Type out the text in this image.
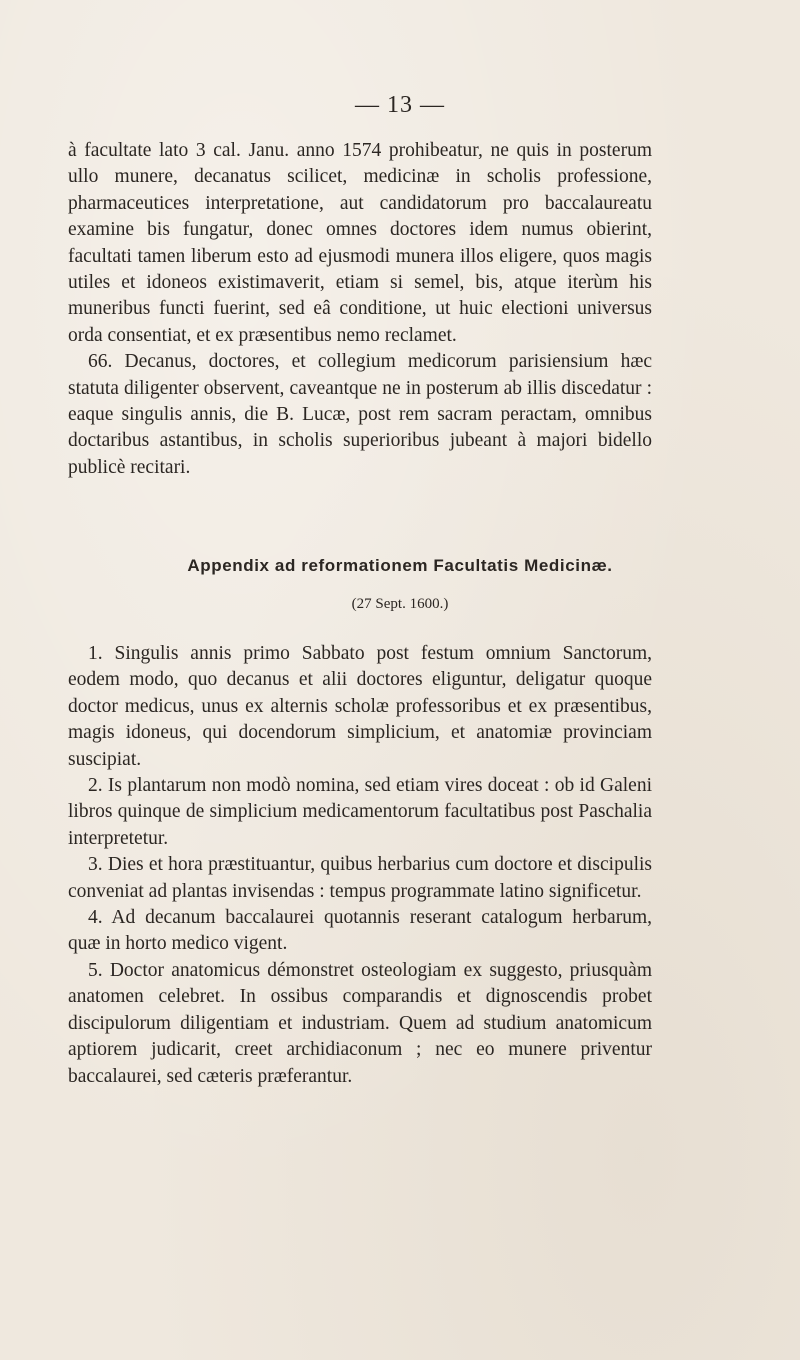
— 13 —

à facultate lato 3 cal. Janu. anno 1574 prohibeatur, ne quis in posterum ullo munere, decanatus scilicet, medicinæ in scholis professione, pharmaceutices interpretatione, aut candidatorum pro baccalaureatu examine bis fungatur, donec omnes doctores idem numus obierint, facultati tamen liberum esto ad ejusmodi munera illos eligere, quos magis utiles et idoneos existimaverit, etiam si semel, bis, atque iterùm his muneribus functi fuerint, sed eâ conditione, ut huic electioni universus orda consentiat, et ex præsentibus nemo reclamet.

66. Decanus, doctores, et collegium medicorum parisiensium hæc statuta diligenter observent, caveantque ne in posterum ab illis discedatur : eaque singulis annis, die B. Lucæ, post rem sacram peractam, omnibus doctaribus astantibus, in scholis superioribus jubeant à majori bidello publicè recitari.

Appendix ad reformationem Facultatis Medicinæ.
(27 Sept. 1600.)

1. Singulis annis primo Sabbato post festum omnium Sanctorum, eodem modo, quo decanus et alii doctores eliguntur, deligatur quoque doctor medicus, unus ex alternis scholæ professoribus et ex præsentibus, magis idoneus, qui docendorum simplicium, et anatomiæ provinciam suscipiat.

2. Is plantarum non modò nomina, sed etiam vires doceat : ob id Galeni libros quinque de simplicium medicamentorum facultatibus post Paschalia interpretetur.

3. Dies et hora præstituantur, quibus herbarius cum doctore et discipulis conveniat ad plantas invisendas : tempus programmate latino significetur.

4. Ad decanum baccalaurei quotannis reserant catalogum herbarum, quæ in horto medico vigent.

5. Doctor anatomicus démonstret osteologiam ex suggesto, priusquàm anatomen celebret. In ossibus comparandis et dignoscendis probet discipulorum diligentiam et industriam. Quem ad studium anatomicum aptiorem judicarit, creet archidiaconum ; nec eo munere priventur baccalaurei, sed cæteris præferantur.
